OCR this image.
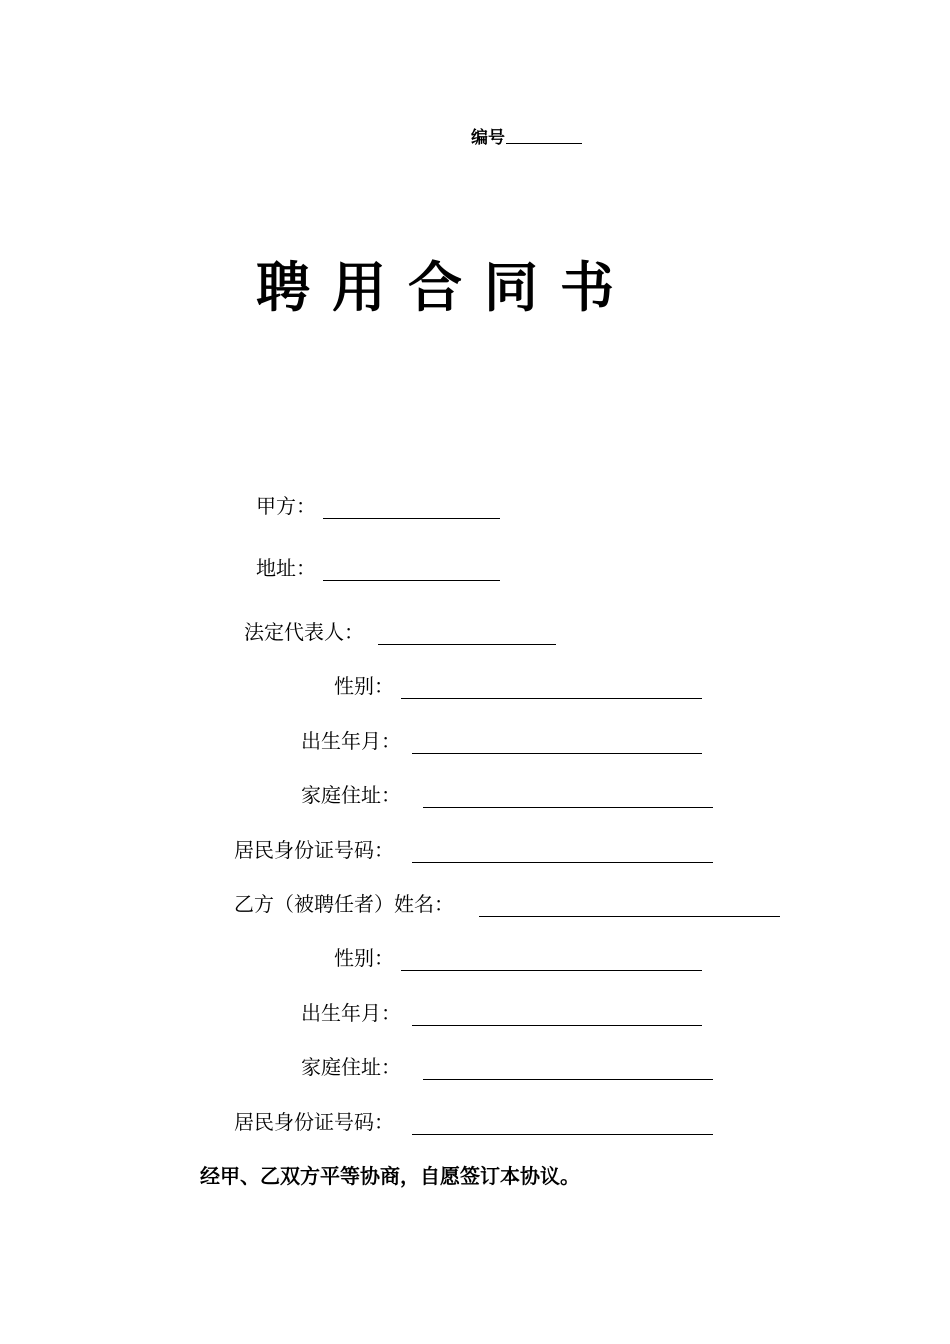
编号
聘用合同书
甲方：
地址：
法定代表人：
性别：
出生年月：
家庭住址：
居民身份证号码：
乙方（被聘任者）姓名：
性别：
出生年月：
家庭住址：
居民身份证号码：
经甲、乙双方平等协商，自愿签订本协议。
